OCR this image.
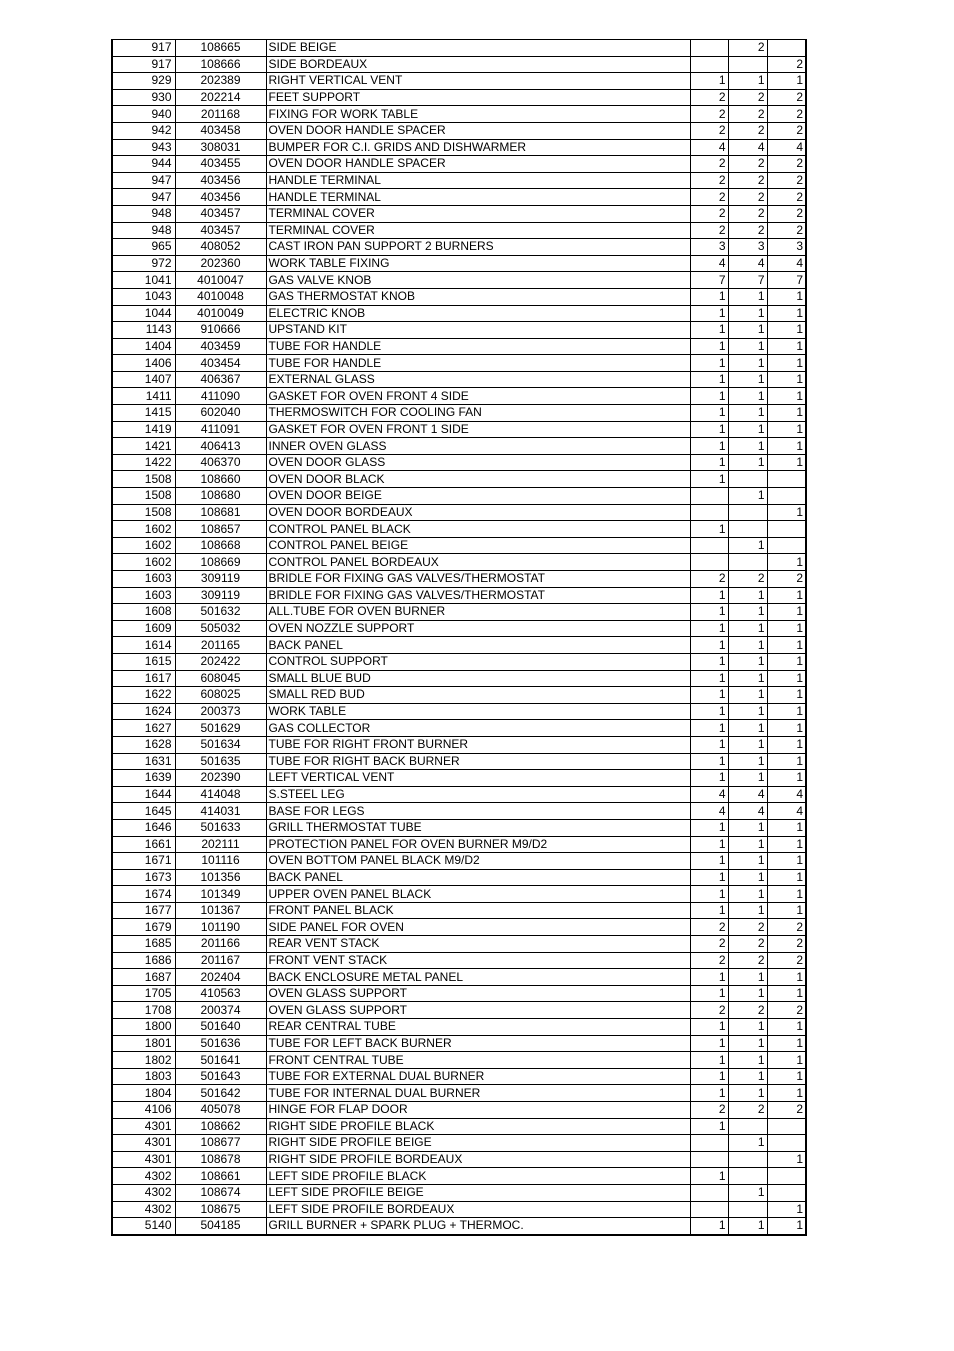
917	108665	SIDE BEIGE		2	
917	108666	SIDE BORDEAUX			2
929	202389	RIGHT VERTICAL VENT	1	1	1
930	202214	FEET SUPPORT	2	2	2
940	201168	FIXING FOR WORK TABLE	2	2	2
942	403458	OVEN DOOR HANDLE SPACER	2	2	2
943	308031	BUMPER FOR C.I. GRIDS AND DISHWARMER	4	4	4
944	403455	OVEN DOOR HANDLE SPACER	2	2	2
947	403456	HANDLE TERMINAL	2	2	2
947	403456	HANDLE TERMINAL	2	2	2
948	403457	TERMINAL COVER	2	2	2
948	403457	TERMINAL COVER	2	2	2
965	408052	CAST IRON PAN SUPPORT 2 BURNERS	3	3	3
972	202360	WORK TABLE FIXING	4	4	4
1041	4010047	GAS VALVE KNOB	7	7	7
1043	4010048	GAS THERMOSTAT KNOB	1	1	1
1044	4010049	ELECTRIC KNOB	1	1	1
1143	910666	UPSTAND KIT	1	1	1
1404	403459	TUBE FOR HANDLE	1	1	1
1406	403454	TUBE FOR HANDLE	1	1	1
1407	406367	EXTERNAL GLASS	1	1	1
1411	411090	GASKET FOR OVEN FRONT 4 SIDE	1	1	1
1415	602040	THERMOSWITCH FOR COOLING FAN	1	1	1
1419	411091	GASKET FOR OVEN FRONT 1 SIDE	1	1	1
1421	406413	INNER OVEN GLASS	1	1	1
1422	406370	OVEN DOOR GLASS	1	1	1
1508	108660	OVEN DOOR BLACK	1		
1508	108680	OVEN DOOR BEIGE		1	
1508	108681	OVEN DOOR BORDEAUX			1
1602	108657	CONTROL PANEL BLACK	1		
1602	108668	CONTROL PANEL BEIGE		1	
1602	108669	CONTROL PANEL BORDEAUX			1
1603	309119	BRIDLE FOR FIXING GAS VALVES/THERMOSTAT	2	2	2
1603	309119	BRIDLE FOR FIXING GAS VALVES/THERMOSTAT	1	1	1
1608	501632	ALL.TUBE FOR OVEN BURNER	1	1	1
1609	505032	OVEN NOZZLE SUPPORT	1	1	1
1614	201165	BACK PANEL	1	1	1
1615	202422	CONTROL SUPPORT	1	1	1
1617	608045	SMALL BLUE BUD	1	1	1
1622	608025	SMALL RED BUD	1	1	1
1624	200373	WORK TABLE	1	1	1
1627	501629	GAS COLLECTOR	1	1	1
1628	501634	TUBE FOR RIGHT FRONT BURNER	1	1	1
1631	501635	TUBE FOR RIGHT BACK BURNER	1	1	1
1639	202390	LEFT VERTICAL VENT	1	1	1
1644	414048	S.STEEL LEG	4	4	4
1645	414031	BASE FOR LEGS	4	4	4
1646	501633	GRILL THERMOSTAT TUBE	1	1	1
1661	202111	PROTECTION PANEL FOR OVEN BURNER M9/D2	1	1	1
1671	101116	OVEN BOTTOM PANEL BLACK M9/D2	1	1	1
1673	101356	BACK PANEL	1	1	1
1674	101349	UPPER OVEN PANEL BLACK	1	1	1
1677	101367	FRONT PANEL BLACK	1	1	1
1679	101190	SIDE PANEL FOR OVEN	2	2	2
1685	201166	REAR VENT STACK	2	2	2
1686	201167	FRONT VENT STACK	2	2	2
1687	202404	BACK ENCLOSURE METAL PANEL	1	1	1
1705	410563	OVEN GLASS SUPPORT	1	1	1
1708	200374	OVEN GLASS SUPPORT	2	2	2
1800	501640	REAR CENTRAL TUBE	1	1	1
1801	501636	TUBE FOR LEFT BACK BURNER	1	1	1
1802	501641	FRONT CENTRAL TUBE	1	1	1
1803	501643	TUBE FOR EXTERNAL DUAL BURNER	1	1	1
1804	501642	TUBE FOR INTERNAL DUAL BURNER	1	1	1
4106	405078	HINGE FOR FLAP DOOR	2	2	2
4301	108662	RIGHT SIDE PROFILE BLACK	1		
4301	108677	RIGHT SIDE PROFILE BEIGE		1	
4301	108678	RIGHT SIDE PROFILE BORDEAUX			1
4302	108661	LEFT SIDE PROFILE BLACK	1		
4302	108674	LEFT SIDE PROFILE BEIGE		1	
4302	108675	LEFT SIDE PROFILE BORDEAUX			1
5140	504185	GRILL BURNER + SPARK PLUG + THERMOC.	1	1	1
